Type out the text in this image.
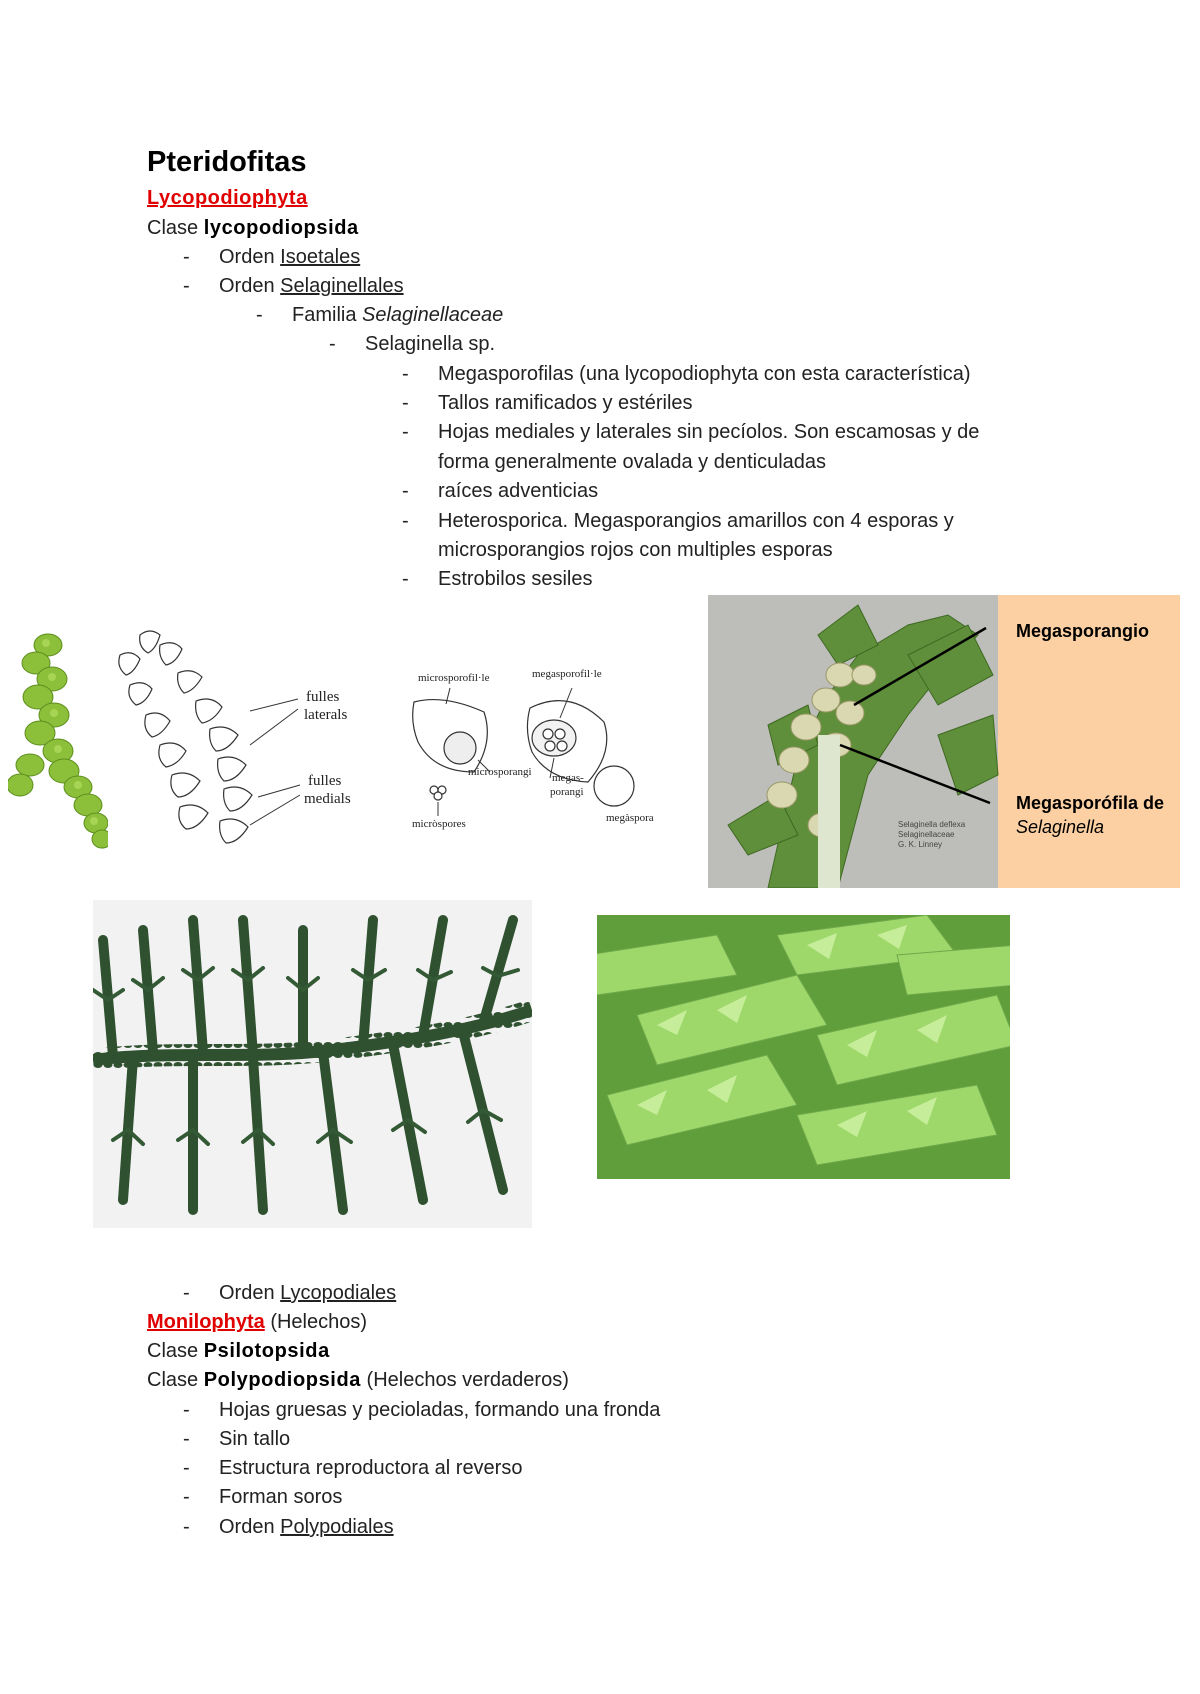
Pteridofitas
Lycopodiophyta
Clase lycopodiopsida
- Orden Isoetales
- Orden Selaginellales
- Familia Selaginellaceae
- Selaginella sp.
- Megasporofilas (una lycopodiophyta con esta característica)
- Tallos ramificados y estériles
- Hojas mediales y laterales sin pecíolos. Son escamosas y de
forma generalmente ovalada y denticuladas
- raíces adventicias
- Heterosporica. Megasporangios amarillos con 4 esporas y
microsporangios rojos con multiples esporas
- Estrobilos sesiles
fulles
laterals
fulles
medials
microsporofil·le	megasporofil·le
microsporangi
micròspores
megas-
porangi
megàspora
Selaginella deflexa
Selaginellaceae
G. K. Linney
Megasporangio
Megasporófila de
Selaginella
- Orden Lycopodiales
Monilophyta (Helechos)
Clase Psilotopsida
Clase Polypodiopsida (Helechos verdaderos)
- Hojas gruesas y pecioladas, formando una fronda
- Sin tallo
- Estructura reproductora al reverso
- Forman soros
- Orden Polypodiales
